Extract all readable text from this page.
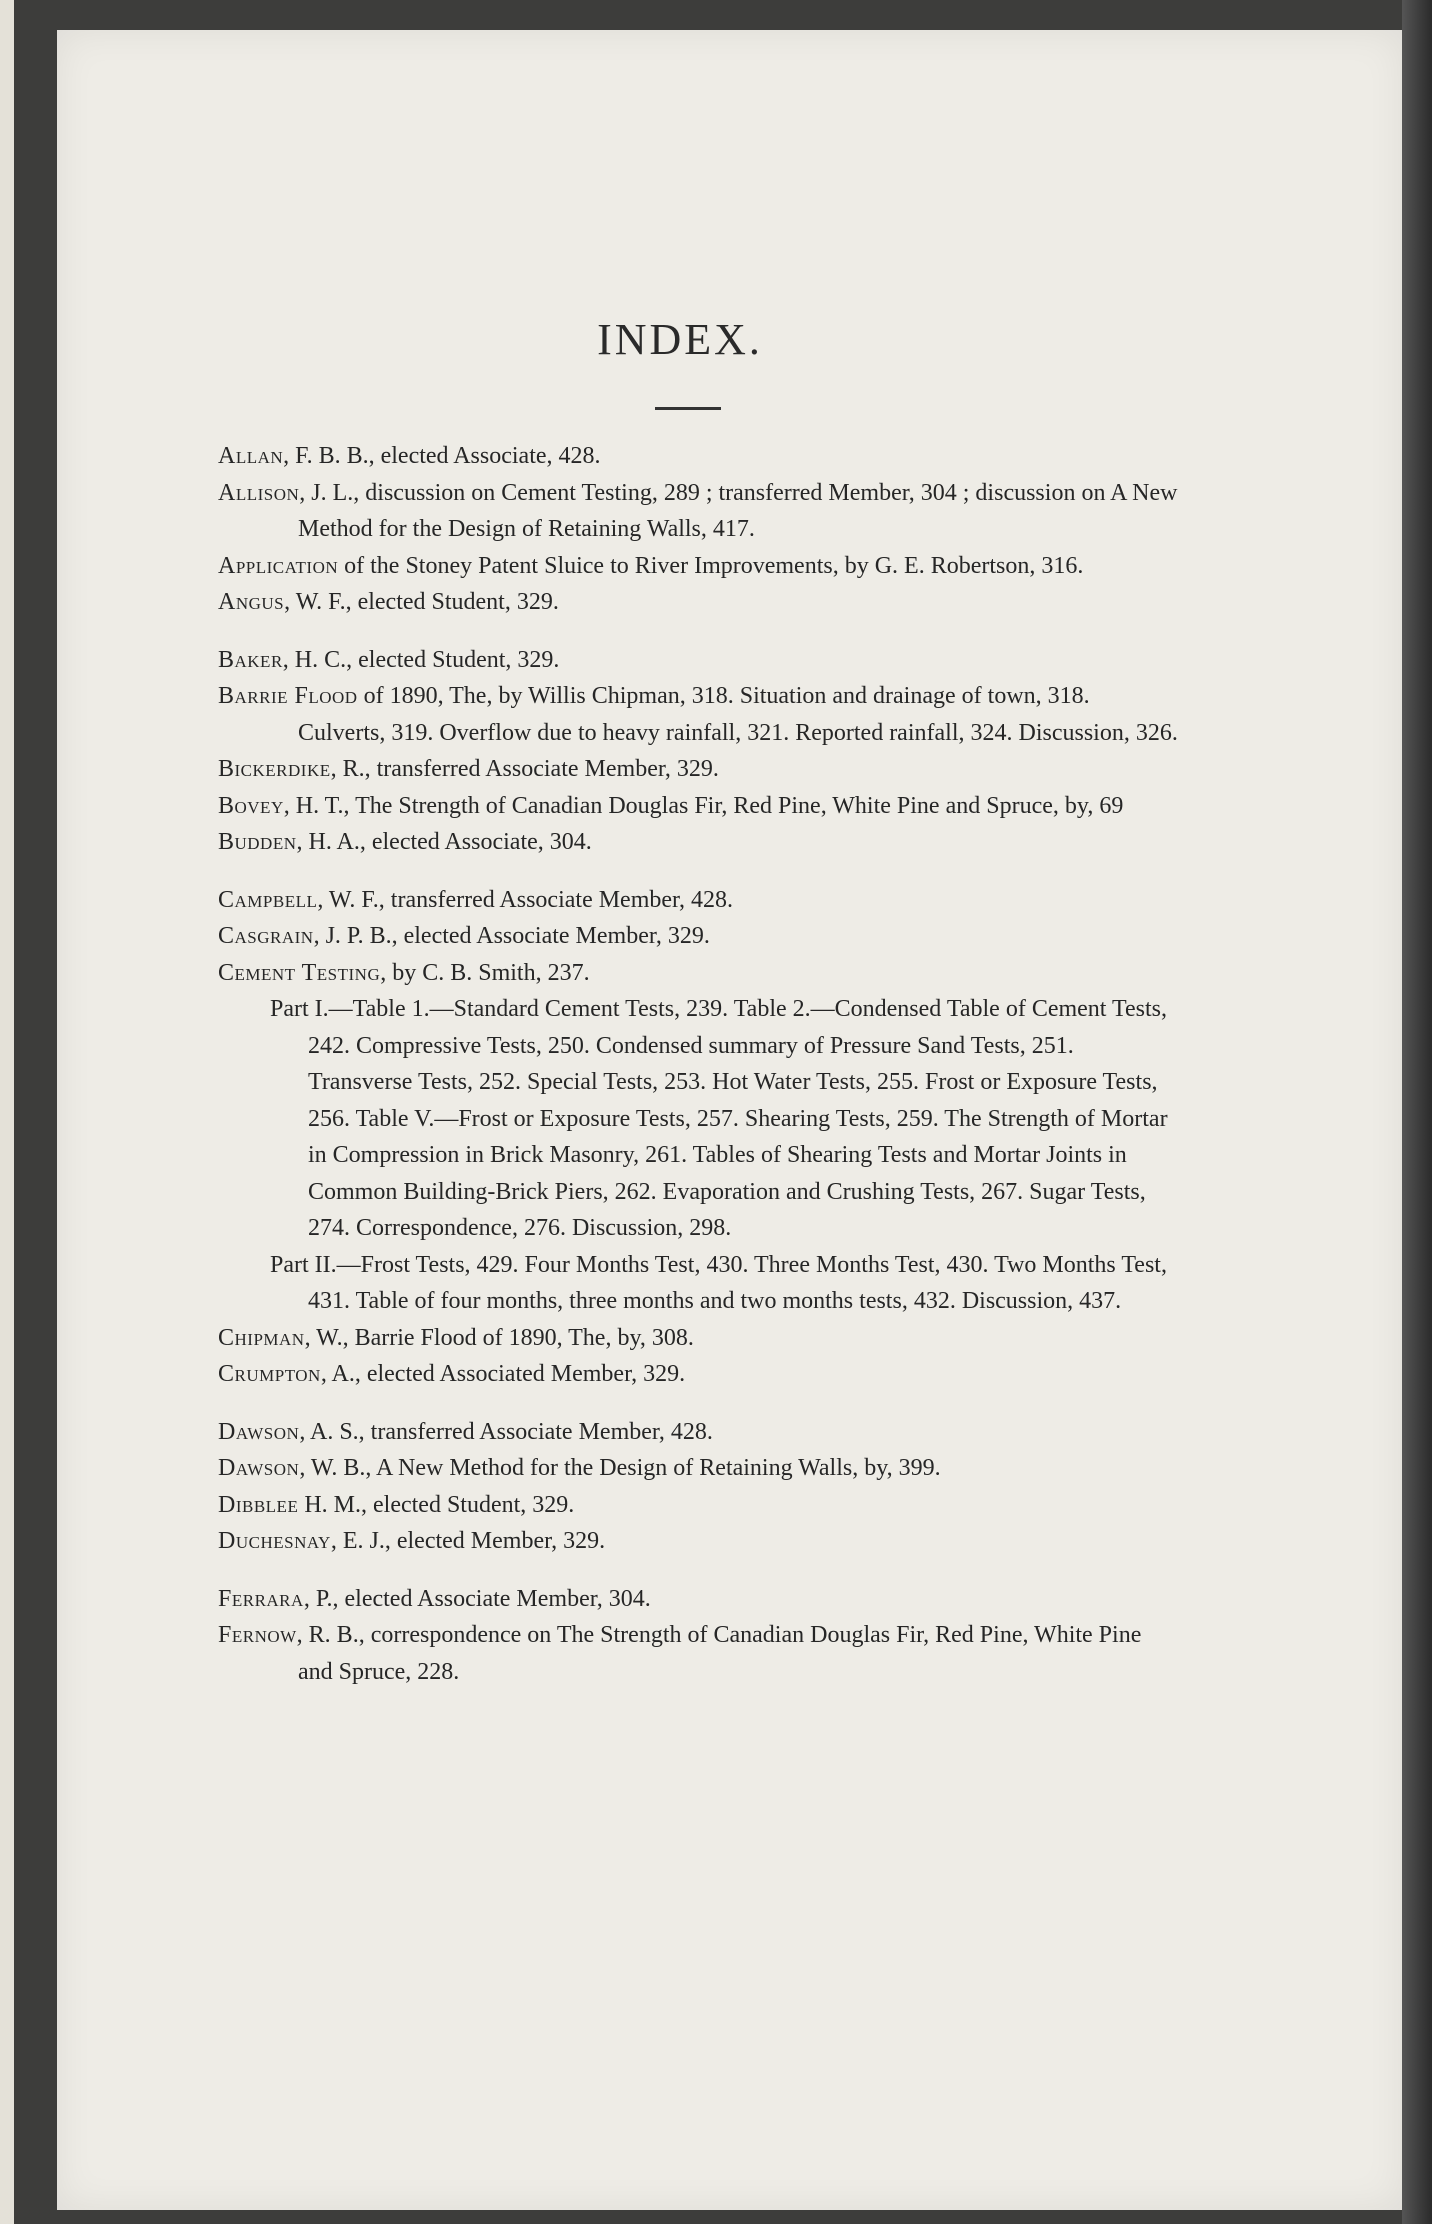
INDEX.
Allan, F. B. B., elected Associate, 428.
Allison, J. L., discussion on Cement Testing, 289 ; transferred Member, 304 ; discussion on A New Method for the Design of Retaining Walls, 417.
Application of the Stoney Patent Sluice to River Improvements, by G. E. Robertson, 316.
Angus, W. F., elected Student, 329.
Baker, H. C., elected Student, 329.
Barrie Flood of 1890, The, by Willis Chipman, 318. Situation and drainage of town, 318. Culverts, 319. Overflow due to heavy rainfall, 321. Reported rainfall, 324. Discussion, 326.
Bickerdike, R., transferred Associate Member, 329.
Bovey, H. T., The Strength of Canadian Douglas Fir, Red Pine, White Pine and Spruce, by, 69
Budden, H. A., elected Associate, 304.
Campbell, W. F., transferred Associate Member, 428.
Casgrain, J. P. B., elected Associate Member, 329.
Cement Testing, by C. B. Smith, 237.
Part I.—Table 1.—Standard Cement Tests, 239. Table 2.—Condensed Table of Cement Tests, 242. Compressive Tests, 250. Condensed summary of Pressure Sand Tests, 251. Transverse Tests, 252. Special Tests, 253. Hot Water Tests, 255. Frost or Exposure Tests, 256. Table V.—Frost or Exposure Tests, 257. Shearing Tests, 259. The Strength of Mortar in Compression in Brick Masonry, 261. Tables of Shearing Tests and Mortar Joints in Common Building-Brick Piers, 262. Evaporation and Crushing Tests, 267. Sugar Tests, 274. Correspondence, 276. Discussion, 298.
Part II.—Frost Tests, 429. Four Months Test, 430. Three Months Test, 430. Two Months Test, 431. Table of four months, three months and two months tests, 432. Discussion, 437.
Chipman, W., Barrie Flood of 1890, The, by, 308.
Crumpton, A., elected Associated Member, 329.
Dawson, A. S., transferred Associate Member, 428.
Dawson, W. B., A New Method for the Design of Retaining Walls, by, 399.
Dibblee H. M., elected Student, 329.
Duchesnay, E. J., elected Member, 329.
Ferrara, P., elected Associate Member, 304.
Fernow, R. B., correspondence on The Strength of Canadian Douglas Fir, Red Pine, White Pine and Spruce, 228.
